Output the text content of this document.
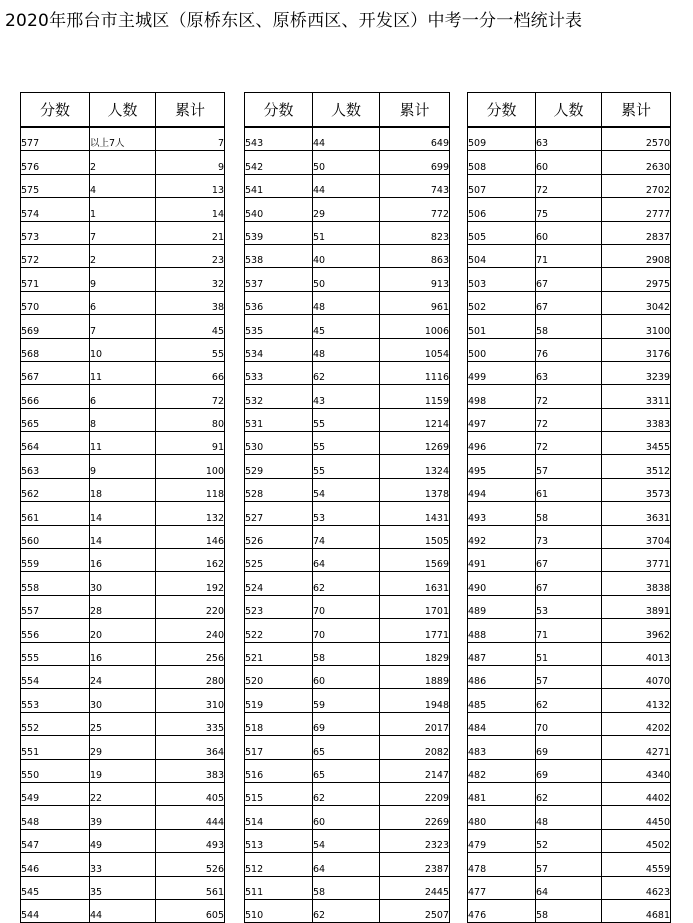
2020年邢台市主城区（原桥东区、原桥西区、开发区）中考一分一档统计表
分数	人数	累计
577	以上7人	7
576	2	9
575	4	13
574	1	14
573	7	21
572	2	23
571	9	32
570	6	38
569	7	45
568	10	55
567	11	66
566	6	72
565	8	80
564	11	91
563	9	100
562	18	118
561	14	132
560	14	146
559	16	162
558	30	192
557	28	220
556	20	240
555	16	256
554	24	280
553	30	310
552	25	335
551	29	364
550	19	383
549	22	405
548	39	444
547	49	493
546	33	526
545	35	561
544	44	605
分数	人数	累计
543	44	649
542	50	699
541	44	743
540	29	772
539	51	823
538	40	863
537	50	913
536	48	961
535	45	1006
534	48	1054
533	62	1116
532	43	1159
531	55	1214
530	55	1269
529	55	1324
528	54	1378
527	53	1431
526	74	1505
525	64	1569
524	62	1631
523	70	1701
522	70	1771
521	58	1829
520	60	1889
519	59	1948
518	69	2017
517	65	2082
516	65	2147
515	62	2209
514	60	2269
513	54	2323
512	64	2387
511	58	2445
510	62	2507
分数	人数	累计
509	63	2570
508	60	2630
507	72	2702
506	75	2777
505	60	2837
504	71	2908
503	67	2975
502	67	3042
501	58	3100
500	76	3176
499	63	3239
498	72	3311
497	72	3383
496	72	3455
495	57	3512
494	61	3573
493	58	3631
492	73	3704
491	67	3771
490	67	3838
489	53	3891
488	71	3962
487	51	4013
486	57	4070
485	62	4132
484	70	4202
483	69	4271
482	69	4340
481	62	4402
480	48	4450
479	52	4502
478	57	4559
477	64	4623
476	58	4681
